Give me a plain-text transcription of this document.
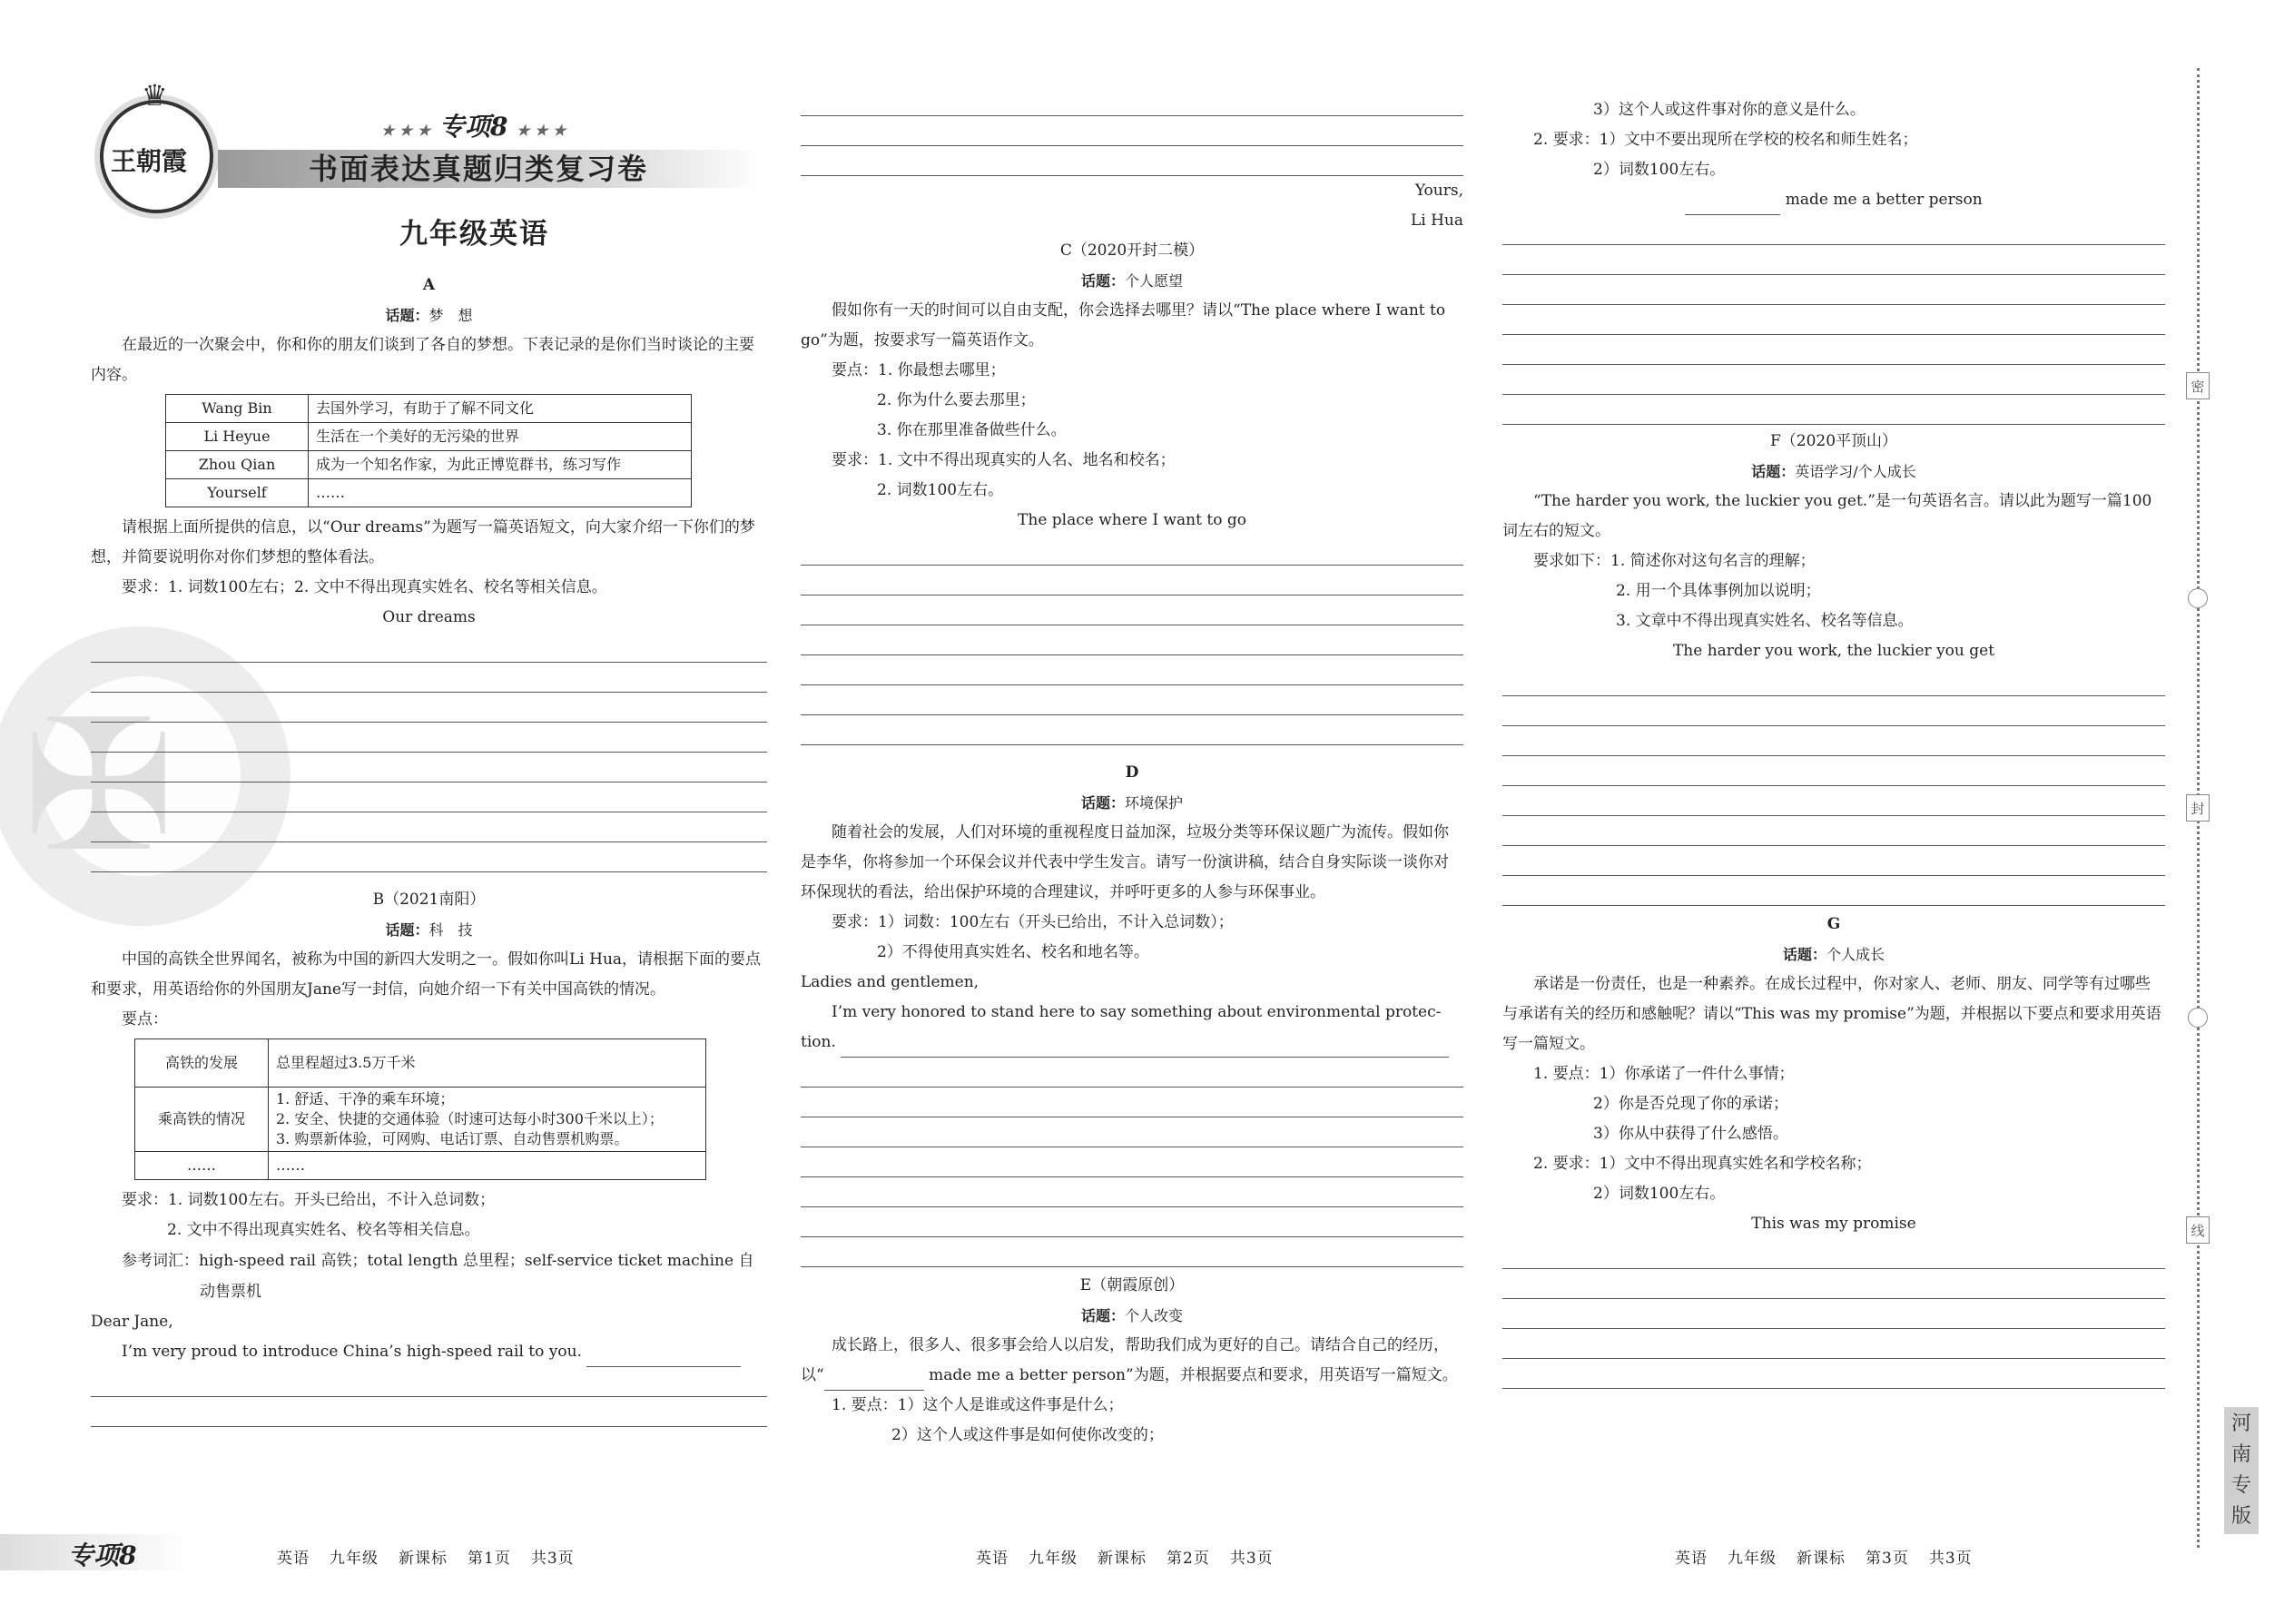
✠
王朝霞
♛
★ ★ ★ 专项8 ★ ★ ★
书面表达真题归类复习卷
九年级英语

A

话题：梦　想

在最近的一次聚会中，你和你的朋友们谈到了各自的梦想。下表记录的是你们当时谈论的主要内容。

Wang Bin	去国外学习，有助于了解不同文化
Li Heyue	生活在一个美好的无污染的世界
Zhou Qian	成为一个知名作家，为此正博览群书，练习写作
Yourself	……

请根据上面所提供的信息，以“Our dreams”为题写一篇英语短文，向大家介绍一下你们的梦想，并简要说明你对你们梦想的整体看法。

要求：1. 词数100左右；2. 文中不得出现真实姓名、校名等相关信息。

Our dreams

B（2021南阳）

话题：科　技

中国的高铁全世界闻名，被称为中国的新四大发明之一。假如你叫Li Hua，请根据下面的要点和要求，用英语给你的外国朋友Jane写一封信，向她介绍一下有关中国高铁的情况。

要点：

高铁的发展	总里程超过3.5万千米
乘高铁的情况	1. 舒适、干净的乘车环境；
2. 安全、快捷的交通体验（时速可达每小时300千米以上）；
3. 购票新体验，可网购、电话订票、自动售票机购票。

……	……

要求：1. 词数100左右。开头已给出，不计入总词数；

2. 文中不得出现真实姓名、校名等相关信息。

参考词汇：high-speed rail 高铁；total length 总里程；self-service ticket machine 自动售票机

Dear Jane,

I’m very proud to introduce China’s high-speed rail to you.

Yours,

Li Hua

C（2020开封二模）

话题：个人愿望

假如你有一天的时间可以自由支配，你会选择去哪里？请以“The place where I want to go”为题，按要求写一篇英语作文。

要点：1. 你最想去哪里；

2. 你为什么要去那里；

3. 你在那里准备做些什么。

要求：1. 文中不得出现真实的人名、地名和校名；

2. 词数100左右。

The place where I want to go

D

话题：环境保护

随着社会的发展，人们对环境的重视程度日益加深，垃圾分类等环保议题广为流传。假如你是李华，你将参加一个环保会议并代表中学生发言。请写一份演讲稿，结合自身实际谈一谈你对环保现状的看法，给出保护环境的合理建议，并呼吁更多的人参与环保事业。

要求：1）词数：100左右（开头已给出，不计入总词数）；

2）不得使用真实姓名、校名和地名等。

Ladies and gentlemen,

I’m very honored to stand here to say something about environmental protec-

tion.

E（朝霞原创）

话题：个人改变

成长路上，很多人、很多事会给人以启发，帮助我们成为更好的自己。请结合自己的经历，以“	made me a better person”为题，并根据要点和要求，用英语写一篇短文。

1. 要点：1）这个人是谁或这件事是什么；

2）这个人或这件事是如何使你改变的；

3）这个人或这件事对你的意义是什么。

2. 要求：1）文中不要出现所在学校的校名和师生姓名；

2）词数100左右。

made me a better person

F（2020平顶山）

话题：英语学习/个人成长

“The harder you work, the luckier you get.”是一句英语名言。请以此为题写一篇100词左右的短文。

要求如下：1. 简述你对这句名言的理解；

2. 用一个具体事例加以说明；

3. 文章中不得出现真实姓名、校名等信息。

The harder you work, the luckier you get

G

话题：个人成长

承诺是一份责任，也是一种素养。在成长过程中，你对家人、老师、朋友、同学等有过哪些与承诺有关的经历和感触呢？请以“This was my promise”为题，并根据以下要点和要求用英语写一篇短文。

1. 要点：1）你承诺了一件什么事情；

2）你是否兑现了你的承诺；

3）你从中获得了什么感悟。

2. 要求：1）文中不得出现真实姓名和学校名称；

2）词数100左右。

This was my promise

专项8	英语 九年级 新课标 第1页 共3页	英语 九年级 新课标 第2页 共3页	英语 九年级 新课标 第3页 共3页
密
封
线
河
南
专
版
